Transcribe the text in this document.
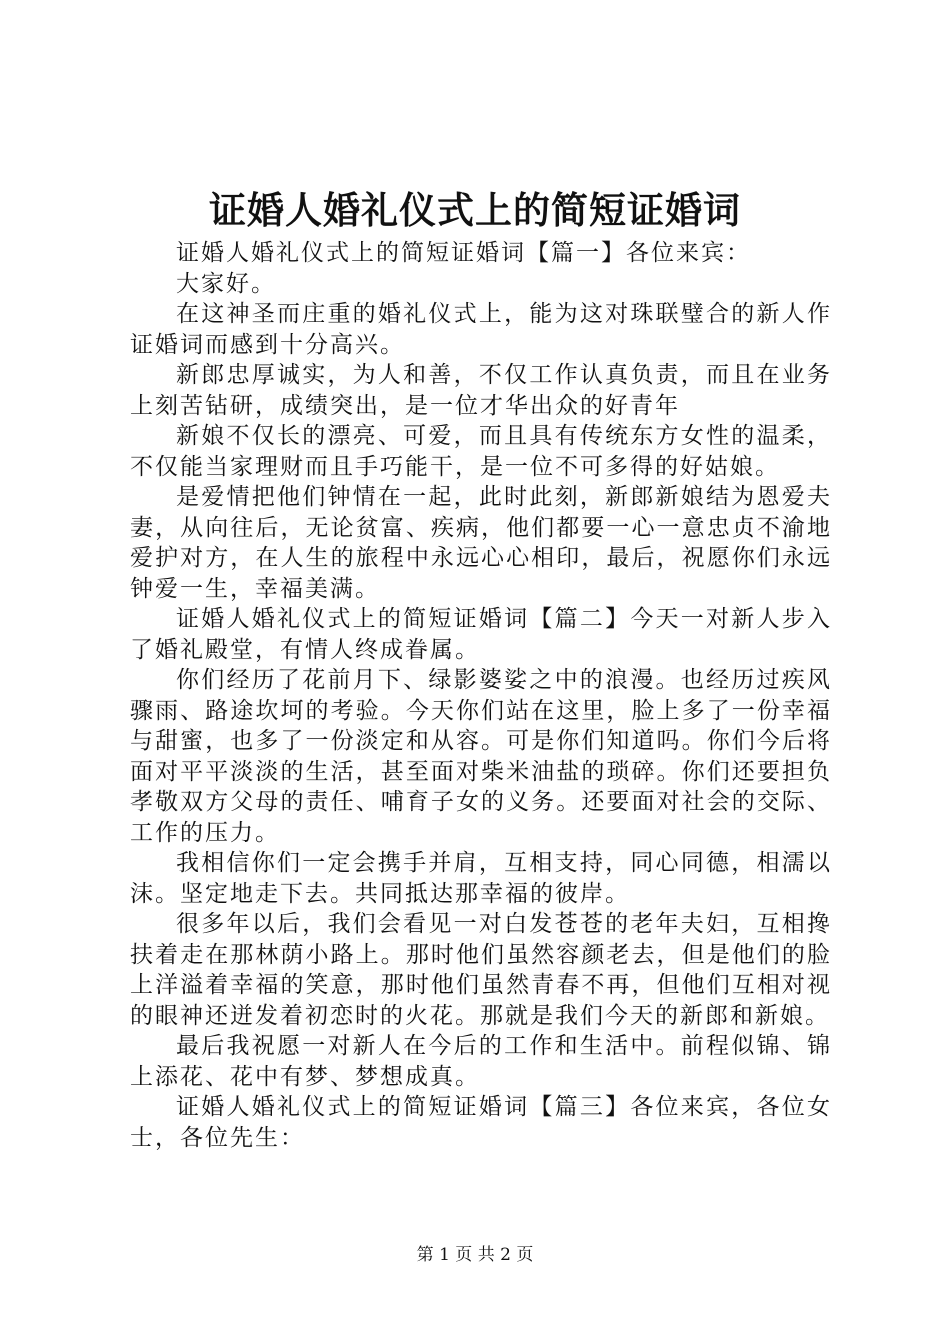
证婚人婚礼仪式上的简短证婚词

证婚人婚礼仪式上的简短证婚词【篇一】各位来宾：

大家好。

在这神圣而庄重的婚礼仪式上，能为这对珠联璧合的新人作证婚词而感到十分高兴。

新郎忠厚诚实，为人和善，不仅工作认真负责，而且在业务上刻苦钻研，成绩突出，是一位才华出众的好青年

新娘不仅长的漂亮、可爱，而且具有传统东方女性的温柔，不仅能当家理财而且手巧能干，是一位不可多得的好姑娘。

是爱情把他们钟情在一起，此时此刻，新郎新娘结为恩爱夫妻，从向往后，无论贫富、疾病，他们都要一心一意忠贞不渝地爱护对方，在人生的旅程中永远心心相印，最后，祝愿你们永远钟爱一生，幸福美满。

证婚人婚礼仪式上的简短证婚词【篇二】今天一对新人步入了婚礼殿堂，有情人终成眷属。

你们经历了花前月下、绿影婆娑之中的浪漫。也经历过疾风骤雨、路途坎坷的考验。今天你们站在这里，脸上多了一份幸福与甜蜜，也多了一份淡定和从容。可是你们知道吗。你们今后将面对平平淡淡的生活，甚至面对柴米油盐的琐碎。你们还要担负孝敬双方父母的责任、哺育子女的义务。还要面对社会的交际、工作的压力。

我相信你们一定会携手并肩，互相支持，同心同德，相濡以沫。坚定地走下去。共同抵达那幸福的彼岸。

很多年以后，我们会看见一对白发苍苍的老年夫妇，互相搀扶着走在那林荫小路上。那时他们虽然容颜老去，但是他们的脸上洋溢着幸福的笑意，那时他们虽然青春不再，但他们互相对视的眼神还迸发着初恋时的火花。那就是我们今天的新郎和新娘。

最后我祝愿一对新人在今后的工作和生活中。前程似锦、锦上添花、花中有梦、梦想成真。

证婚人婚礼仪式上的简短证婚词【篇三】各位来宾，各位女士，各位先生：

第 1 页 共 2 页
